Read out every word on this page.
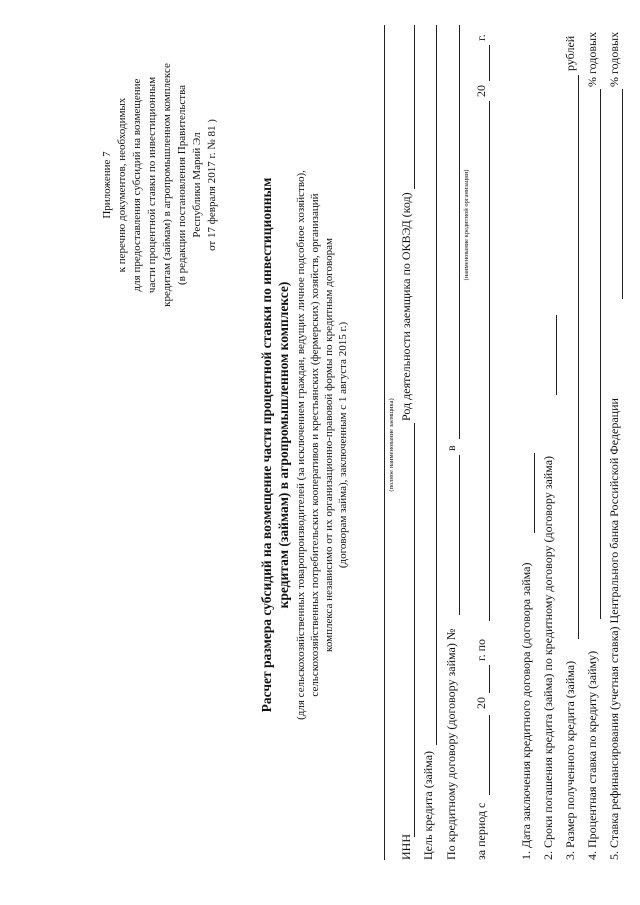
Приложение 7 к перечню документов, необходимых для предоставления субсидий на возмещение части процентной ставки по инвестиционным кредитам (займам) в агропромышленном комплексе (в редакции постановления Правительства Республики Марий Эл от 17 февраля 2017 г. № 81 )	Расчет размера субсидий на возмещение части процентной ставки по инвестиционным кредитам (займам) в агропромышленном комплексе) (для сельскохозяйственных товаропроизводителей (за исключением граждан, ведущих личное подсобное хозяйство), сельскохозяйственных потребительских кооперативов и крестьянских (фермерских) хозяйств, организаций комплекса независимо от их организационно-правовой формы по кредитным договорам (договорам займа), заключенным с 1 августа 2015 г.)	(полное наименование заемщика)
ИНН
Род деятельности заемщика по ОКВЭД (код)
Цель кредита (займа) По кредитному договору (договору займа) №
в
(наименование кредитной организации)
за период с
20
г. по
20
г.
1. Дата заключения кредитного договора (договора займа) 2. Сроки погашения кредита (займа) по кредитному договору (договору займа) 3. Размер полученного кредита (займа)
рублей
4. Процентная ставка по кредиту (займу)
% годовых
5. Ставка рефинансирования (учетная ставка) Центрального банка Российской Федерации
% годовых
